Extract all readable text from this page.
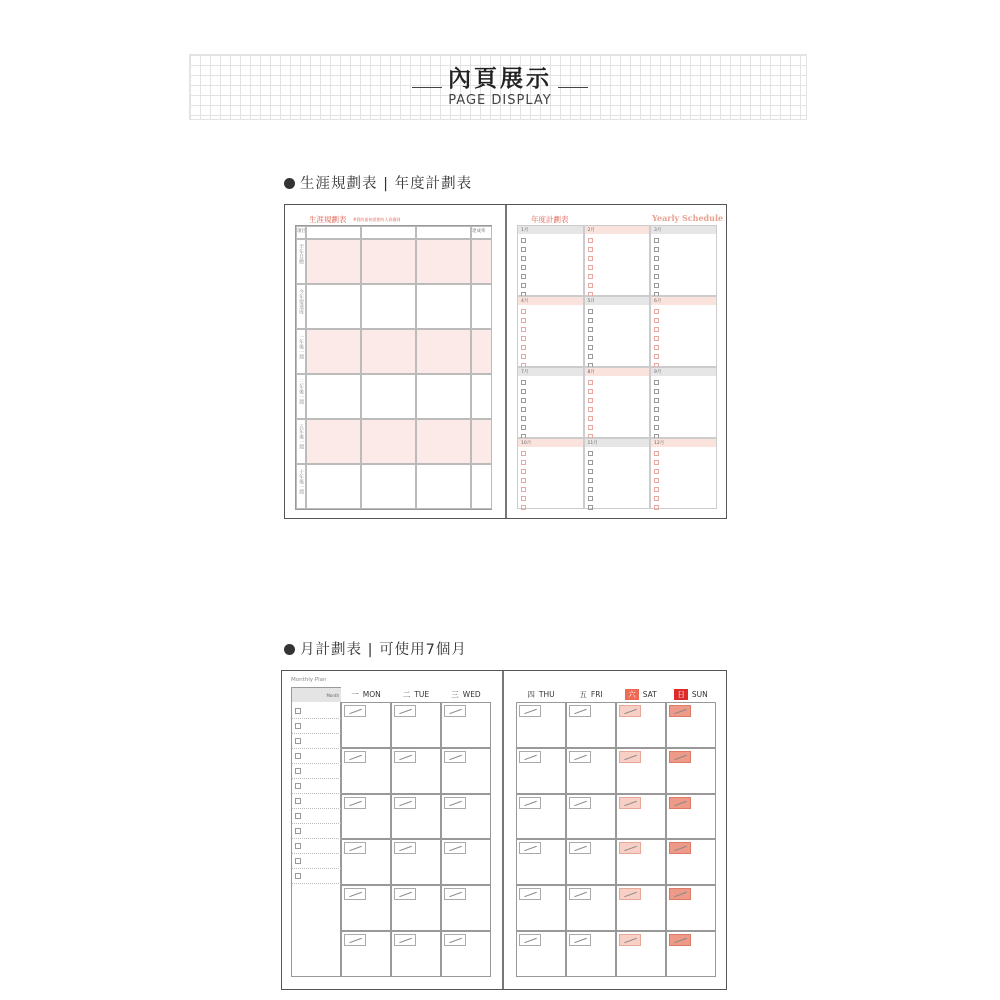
內頁展示
PAGE DISPLAY
生涯規劃表 | 年度計劃表
生涯規劃表 #寫的最初就要的人真做到
項目	達成率
半年目標
今年要達成
一年後一週
三年後一週
五年後一週
十年後一週
年度計劃表	Yearly Schedule
1月	2月	3月
4月	5月	6月
7月	8月	9月
10月	11月	12月
月計劃表 | 可使用7個月
Monthly Plan
Month	一 MON	二 TUE	三 WED	四 THU	五 FRI	六 SAT	日 SUN
